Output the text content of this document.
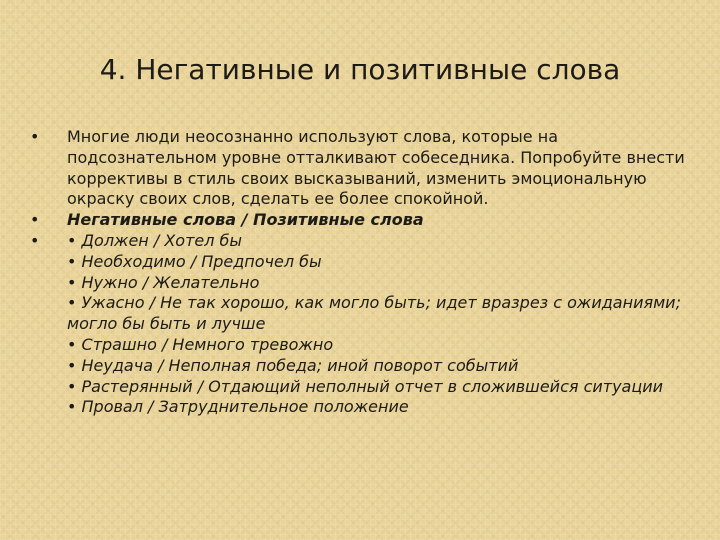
4. Негативные и позитивные слова
•	Многие люди неосознанно используют слова, которые на подсознательном уровне отталкивают собеседника. Попробуйте внести коррективы в стиль своих высказываний, изменить эмоциональную окраску своих слов, сделать ее более спокойной.
•	Негативные слова / Позитивные слова
•	• Должен / Хотел бы
• Необходимо / Предпочел бы
• Нужно / Желательно
• Ужасно / Не так хорошо, как могло быть; идет вразрез с ожиданиями; могло бы быть и лучше
• Страшно / Немного тревожно
• Неудача / Неполная победа; иной поворот событий
• Растерянный / Отдающий неполный отчет в сложившейся ситуации
• Провал / Затруднительное положение
